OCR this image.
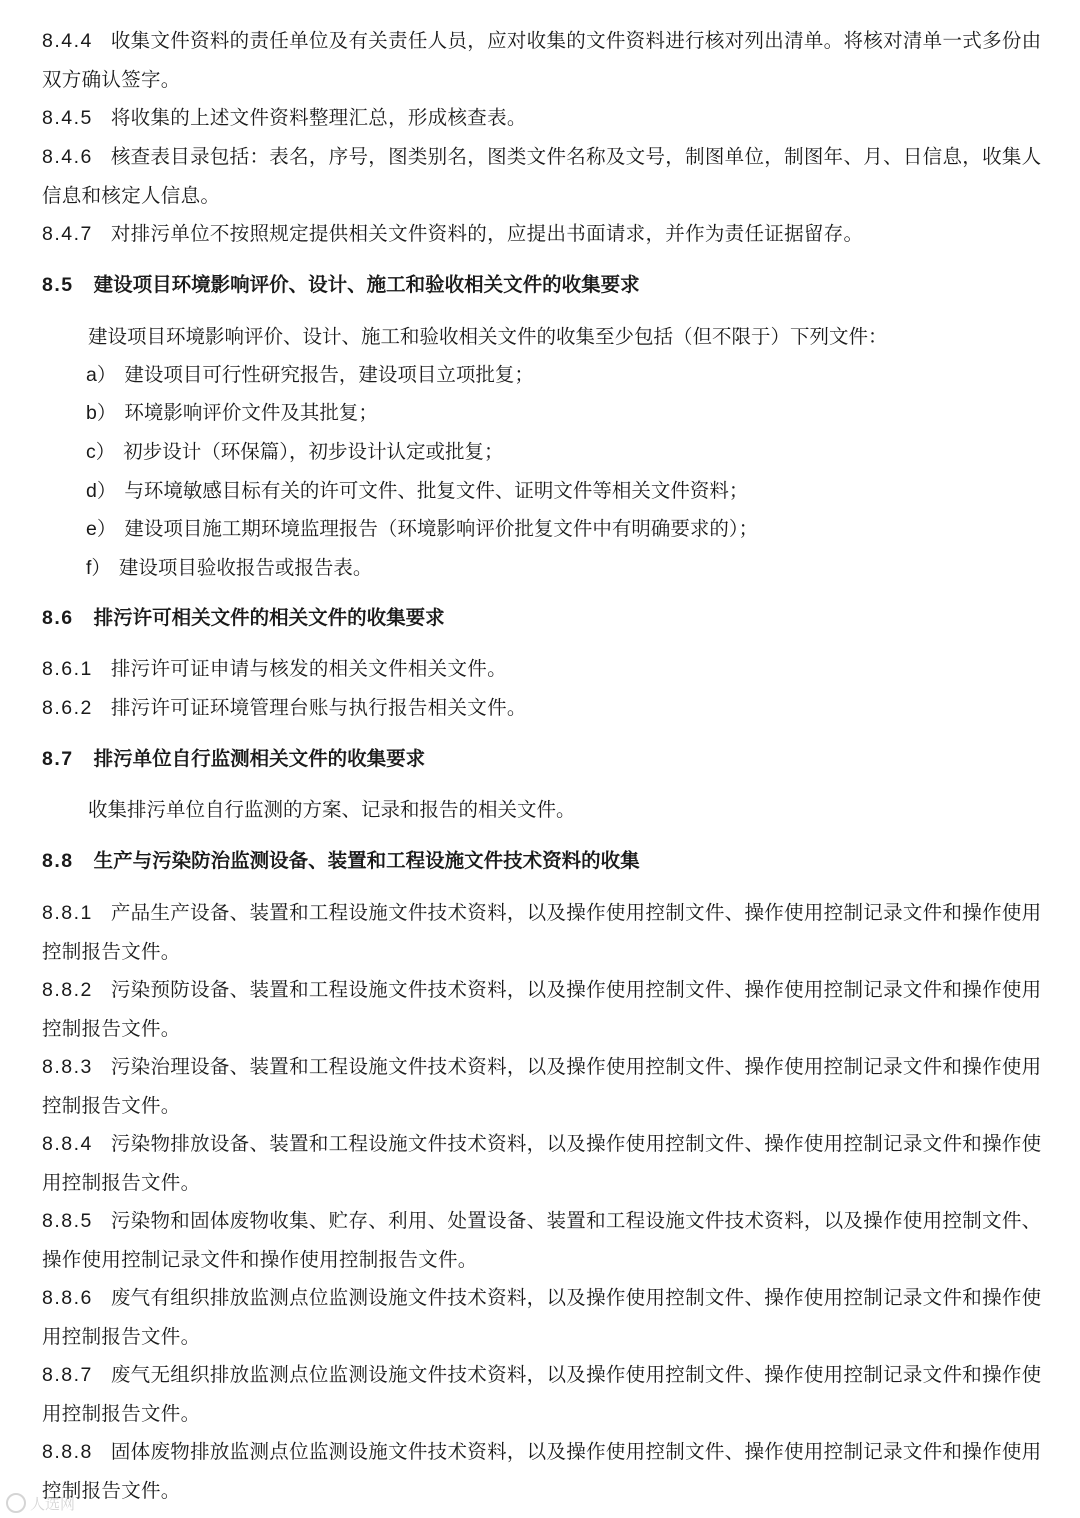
8.4.4 收集文件资料的责任单位及有关责任人员，应对收集的文件资料进行核对列出清单。将核对清单一式多份由双方确认签字。

8.4.5 将收集的上述文件资料整理汇总，形成核查表。

8.4.6 核查表目录包括：表名，序号，图类别名，图类文件名称及文号，制图单位，制图年、月、日信息，收集人信息和核定人信息。

8.4.7 对排污单位不按照规定提供相关文件资料的，应提出书面请求，并作为责任证据留存。

8.5 建设项目环境影响评价、设计、施工和验收相关文件的收集要求

建设项目环境影响评价、设计、施工和验收相关文件的收集至少包括（但不限于）下列文件：

a） 建设项目可行性研究报告，建设项目立项批复；

b） 环境影响评价文件及其批复；

c） 初步设计（环保篇），初步设计认定或批复；

d） 与环境敏感目标有关的许可文件、批复文件、证明文件等相关文件资料；

e） 建设项目施工期环境监理报告（环境影响评价批复文件中有明确要求的）；

f） 建设项目验收报告或报告表。

8.6 排污许可相关文件的相关文件的收集要求

8.6.1 排污许可证申请与核发的相关文件相关文件。

8.6.2 排污许可证环境管理台账与执行报告相关文件。

8.7 排污单位自行监测相关文件的收集要求

收集排污单位自行监测的方案、记录和报告的相关文件。

8.8 生产与污染防治监测设备、装置和工程设施文件技术资料的收集

8.8.1 产品生产设备、装置和工程设施文件技术资料，以及操作使用控制文件、操作使用控制记录文件和操作使用控制报告文件。

8.8.2 污染预防设备、装置和工程设施文件技术资料，以及操作使用控制文件、操作使用控制记录文件和操作使用控制报告文件。

8.8.3 污染治理设备、装置和工程设施文件技术资料，以及操作使用控制文件、操作使用控制记录文件和操作使用控制报告文件。

8.8.4 污染物排放设备、装置和工程设施文件技术资料，以及操作使用控制文件、操作使用控制记录文件和操作使用控制报告文件。

8.8.5 污染物和固体废物收集、贮存、利用、处置设备、装置和工程设施文件技术资料，以及操作使用控制文件、操作使用控制记录文件和操作使用控制报告文件。

8.8.6 废气有组织排放监测点位监测设施文件技术资料，以及操作使用控制文件、操作使用控制记录文件和操作使用控制报告文件。

8.8.7 废气无组织排放监测点位监测设施文件技术资料，以及操作使用控制文件、操作使用控制记录文件和操作使用控制报告文件。

8.8.8 固体废物排放监测点位监测设施文件技术资料，以及操作使用控制文件、操作使用控制记录文件和操作使用控制报告文件。

人选网
